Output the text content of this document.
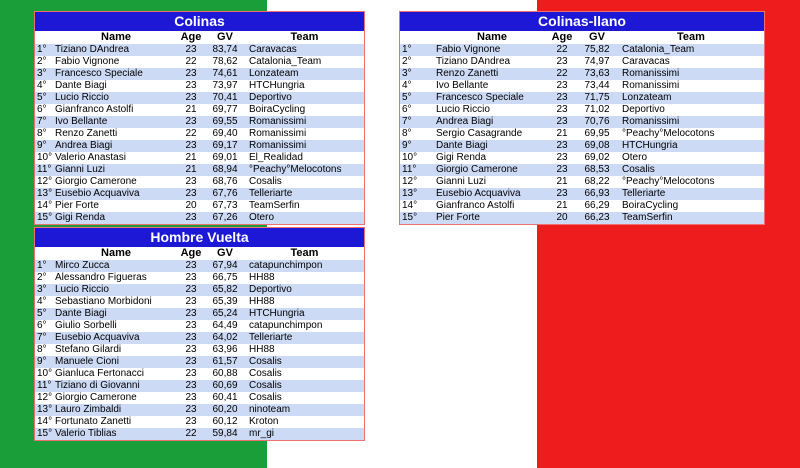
Colinas
	Name	Age	GV	Team
1°	Tiziano DAndrea	23	83,74	Caravacas
2°	Fabio Vignone	22	78,62	Catalonia_Team
3°	Francesco Speciale	23	74,61	Lonzateam
4°	Dante Biagi	23	73,97	HTCHungria
5°	Lucio Riccio	23	70,41	Deportivo
6°	Gianfranco Astolfi	21	69,77	BoiraCycling
7°	Ivo Bellante	23	69,55	Romanissimi
8°	Renzo Zanetti	22	69,40	Romanissimi
9°	Andrea Biagi	23	69,17	Romanissimi
10°	Valerio Anastasi	21	69,01	El_Realidad
11°	Gianni Luzi	21	68,94	°Peachy°Melocotons
12°	Giorgio Camerone	23	68,76	Cosalis
13°	Eusebio Acquaviva	23	67,76	Telleriarte
14°	Pier Forte	20	67,73	TeamSerfin
15°	Gigi Renda	23	67,26	Otero
Colinas-llano
	Name	Age	GV	Team
1°	Fabio Vignone	22	75,82	Catalonia_Team
2°	Tiziano DAndrea	23	74,97	Caravacas
3°	Renzo Zanetti	22	73,63	Romanissimi
4°	Ivo Bellante	23	73,44	Romanissimi
5°	Francesco Speciale	23	71,75	Lonzateam
6°	Lucio Riccio	23	71,02	Deportivo
7°	Andrea Biagi	23	70,76	Romanissimi
8°	Sergio Casagrande	21	69,95	°Peachy°Melocotons
9°	Dante Biagi	23	69,08	HTCHungria
10°	Gigi Renda	23	69,02	Otero
11°	Giorgio Camerone	23	68,53	Cosalis
12°	Gianni Luzi	21	68,22	°Peachy°Melocotons
13°	Eusebio Acquaviva	23	66,93	Telleriarte
14°	Gianfranco Astolfi	21	66,29	BoiraCycling
15°	Pier Forte	20	66,23	TeamSerfin
Hombre Vuelta
	Name	Age	GV	Team
1°	Mirco Zucca	23	67,94	catapunchimpon
2°	Alessandro Figueras	23	66,75	HH88
3°	Lucio Riccio	23	65,82	Deportivo
4°	Sebastiano Morbidoni	23	65,39	HH88
5°	Dante Biagi	23	65,24	HTCHungria
6°	Giulio Sorbelli	23	64,49	catapunchimpon
7°	Eusebio Acquaviva	23	64,02	Telleriarte
8°	Stefano Gilardi	23	63,96	HH88
9°	Manuele Cioni	23	61,57	Cosalis
10°	Gianluca Fertonacci	23	60,88	Cosalis
11°	Tiziano di Giovanni	23	60,69	Cosalis
12°	Giorgio Camerone	23	60,41	Cosalis
13°	Lauro Zimbaldi	23	60,20	ninoteam
14°	Fortunato Zanetti	23	60,12	Kroton
15°	Valerio Tiblias	22	59,84	mr_gi
